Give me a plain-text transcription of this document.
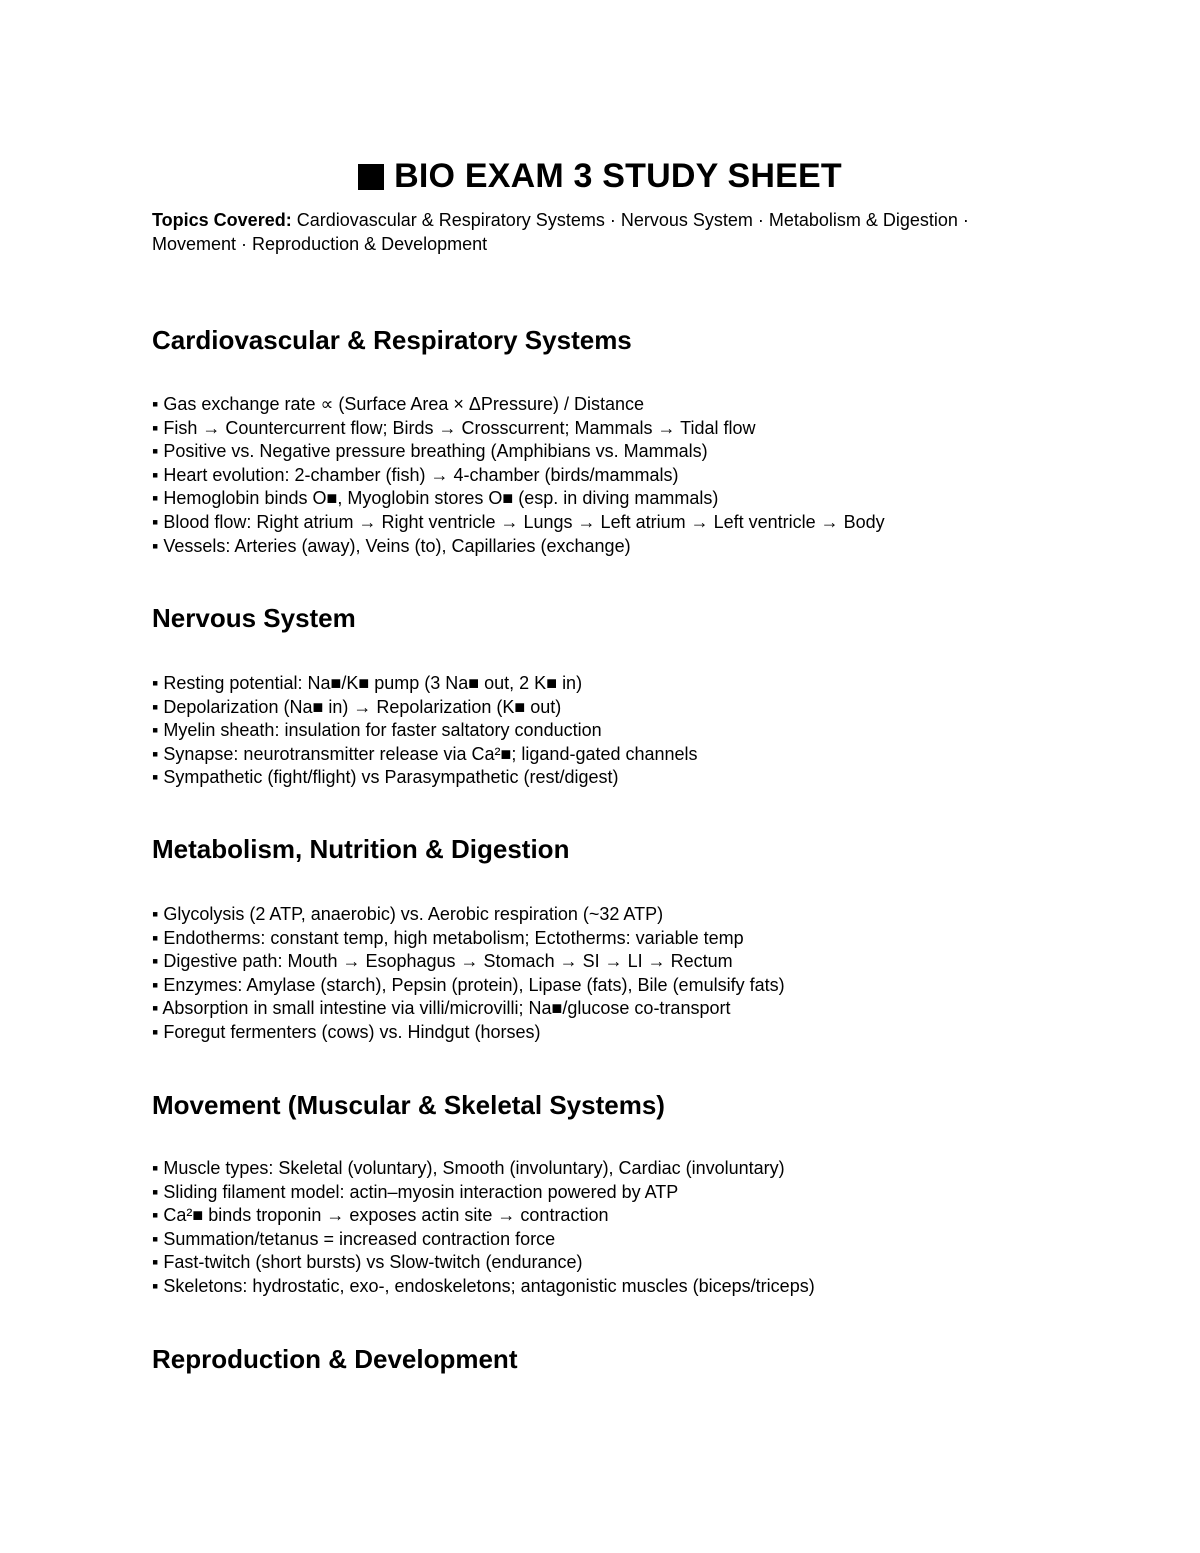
BIO EXAM 3 STUDY SHEET

Topics Covered: Cardiovascular & Respiratory Systems · Nervous System · Metabolism & Digestion · Movement · Reproduction & Development

Cardiovascular & Respiratory Systems
▪ Gas exchange rate ∝ (Surface Area × ΔPressure) / Distance
▪ Fish → Countercurrent flow; Birds → Crosscurrent; Mammals → Tidal flow
▪ Positive vs. Negative pressure breathing (Amphibians vs. Mammals)
▪ Heart evolution: 2-chamber (fish) → 4-chamber (birds/mammals)
▪ Hemoglobin binds O■, Myoglobin stores O■ (esp. in diving mammals)
▪ Blood flow: Right atrium → Right ventricle → Lungs → Left atrium → Left ventricle → Body
▪ Vessels: Arteries (away), Veins (to), Capillaries (exchange)
Nervous System
▪ Resting potential: Na■/K■ pump (3 Na■ out, 2 K■ in)
▪ Depolarization (Na■ in) → Repolarization (K■ out)
▪ Myelin sheath: insulation for faster saltatory conduction
▪ Synapse: neurotransmitter release via Ca²■; ligand-gated channels
▪ Sympathetic (fight/flight) vs Parasympathetic (rest/digest)
Metabolism, Nutrition & Digestion
▪ Glycolysis (2 ATP, anaerobic) vs. Aerobic respiration (~32 ATP)
▪ Endotherms: constant temp, high metabolism; Ectotherms: variable temp
▪ Digestive path: Mouth → Esophagus → Stomach → SI → LI → Rectum
▪ Enzymes: Amylase (starch), Pepsin (protein), Lipase (fats), Bile (emulsify fats)
▪ Absorption in small intestine via villi/microvilli; Na■/glucose co-transport
▪ Foregut fermenters (cows) vs. Hindgut (horses)
Movement (Muscular & Skeletal Systems)
▪ Muscle types: Skeletal (voluntary), Smooth (involuntary), Cardiac (involuntary)
▪ Sliding filament model: actin–myosin interaction powered by ATP
▪ Ca²■ binds troponin → exposes actin site → contraction
▪ Summation/tetanus = increased contraction force
▪ Fast-twitch (short bursts) vs Slow-twitch (endurance)
▪ Skeletons: hydrostatic, exo-, endoskeletons; antagonistic muscles (biceps/triceps)
Reproduction & Development
